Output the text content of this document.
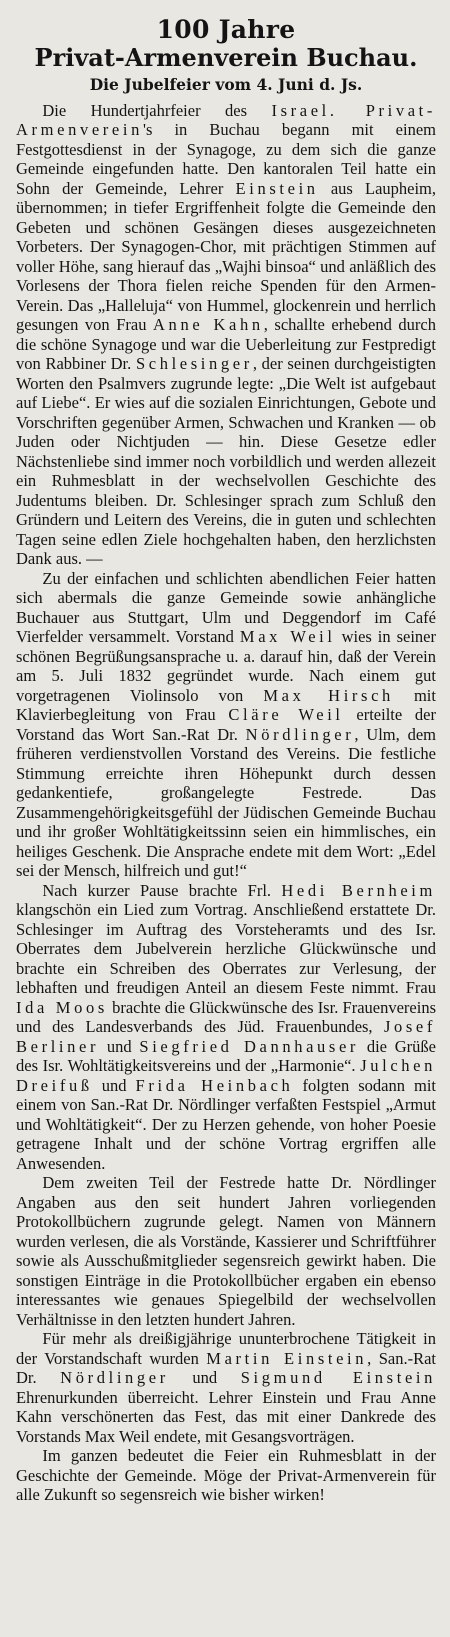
100 Jahre
Privat-Armenverein Buchau.
Die Jubelfeier vom 4. Juni d. Js.

Die Hundertjahrfeier des Israel. Privat-Armenverein's in Buchau begann mit einem Festgottesdienst in der Synagoge, zu dem sich die ganze Gemeinde eingefunden hatte. Den kantoralen Teil hatte ein Sohn der Gemeinde, Lehrer Einstein aus Laupheim, übernommen; in tiefer Ergriffenheit folgte die Gemeinde den Gebeten und schönen Gesängen dieses ausgezeichneten Vorbeters. Der Synagogen-Chor, mit prächtigen Stimmen auf voller Höhe, sang hierauf das „Wajhi binsoa“ und anläßlich des Vorlesens der Thora fielen reiche Spenden für den Armen-Verein. Das „Halleluja“ von Hummel, glockenrein und herrlich gesungen von Frau Anne Kahn, schallte erhebend durch die schöne Synagoge und war die Ueberleitung zur Festpredigt von Rabbiner Dr. Schlesinger, der seinen durchgeistigten Worten den Psalmvers zugrunde legte: „Die Welt ist aufgebaut auf Liebe“. Er wies auf die sozialen Einrichtungen, Gebote und Vorschriften gegenüber Armen, Schwachen und Kranken — ob Juden oder Nichtjuden — hin. Diese Gesetze edler Nächstenliebe sind immer noch vorbildlich und werden allezeit ein Ruhmesblatt in der wechselvollen Geschichte des Judentums bleiben. Dr. Schlesinger sprach zum Schluß den Gründern und Leitern des Vereins, die in guten und schlechten Tagen seine edlen Ziele hochgehalten haben, den herzlichsten Dank aus. —

Zu der einfachen und schlichten abendlichen Feier hatten sich abermals die ganze Gemeinde sowie anhängliche Buchauer aus Stuttgart, Ulm und Deggendorf im Café Vierfelder versammelt. Vorstand Max Weil wies in seiner schönen Begrüßungsansprache u. a. darauf hin, daß der Verein am 5. Juli 1832 gegründet wurde. Nach einem gut vorgetragenen Violinsolo von Max Hirsch mit Klavierbegleitung von Frau Cläre Weil erteilte der Vorstand das Wort San.-Rat Dr. Nördlinger, Ulm, dem früheren verdienstvollen Vorstand des Vereins. Die festliche Stimmung erreichte ihren Höhepunkt durch dessen gedankentiefe, großangelegte Festrede. Das Zusammengehörigkeitsgefühl der Jüdischen Gemeinde Buchau und ihr großer Wohltätigkeitssinn seien ein himmlisches, ein heiliges Geschenk. Die Ansprache endete mit dem Wort: „Edel sei der Mensch, hilfreich und gut!“

Nach kurzer Pause brachte Frl. Hedi Bernheim klangschön ein Lied zum Vortrag. Anschließend erstattete Dr. Schlesinger im Auftrag des Vorsteheramts und des Isr. Oberrates dem Jubelverein herzliche Glückwünsche und brachte ein Schreiben des Oberrates zur Verlesung, der lebhaften und freudigen Anteil an diesem Feste nimmt. Frau Ida Moos brachte die Glückwünsche des Isr. Frauenvereins und des Landesverbands des Jüd. Frauenbundes, Josef Berliner und Siegfried Dannhauser die Grüße des Isr. Wohltätigkeitsvereins und der „Harmonie“. Julchen Dreifuß und Frida Heinbach folgten sodann mit einem von San.-Rat Dr. Nördlinger verfaßten Festspiel „Armut und Wohltätigkeit“. Der zu Herzen gehende, von hoher Poesie getragene Inhalt und der schöne Vortrag ergriffen alle Anwesenden.

Dem zweiten Teil der Festrede hatte Dr. Nördlinger Angaben aus den seit hundert Jahren vorliegenden Protokollbüchern zugrunde gelegt. Namen von Männern wurden verlesen, die als Vorstände, Kassierer und Schriftführer sowie als Ausschußmitglieder segensreich gewirkt haben. Die sonstigen Einträge in die Protokollbücher ergaben ein ebenso interessantes wie genaues Spiegelbild der wechselvollen Verhältnisse in den letzten hundert Jahren.

Für mehr als dreißigjährige ununterbrochene Tätigkeit in der Vorstandschaft wurden Martin Einstein, San.-Rat Dr. Nördlinger und Sigmund Einstein Ehrenurkunden überreicht. Lehrer Einstein und Frau Anne Kahn verschönerten das Fest, das mit einer Dankrede des Vorstands Max Weil endete, mit Gesangsvorträgen.

Im ganzen bedeutet die Feier ein Ruhmesblatt in der Geschichte der Gemeinde. Möge der Privat-Armenverein für alle Zukunft so segensreich wie bisher wirken!
